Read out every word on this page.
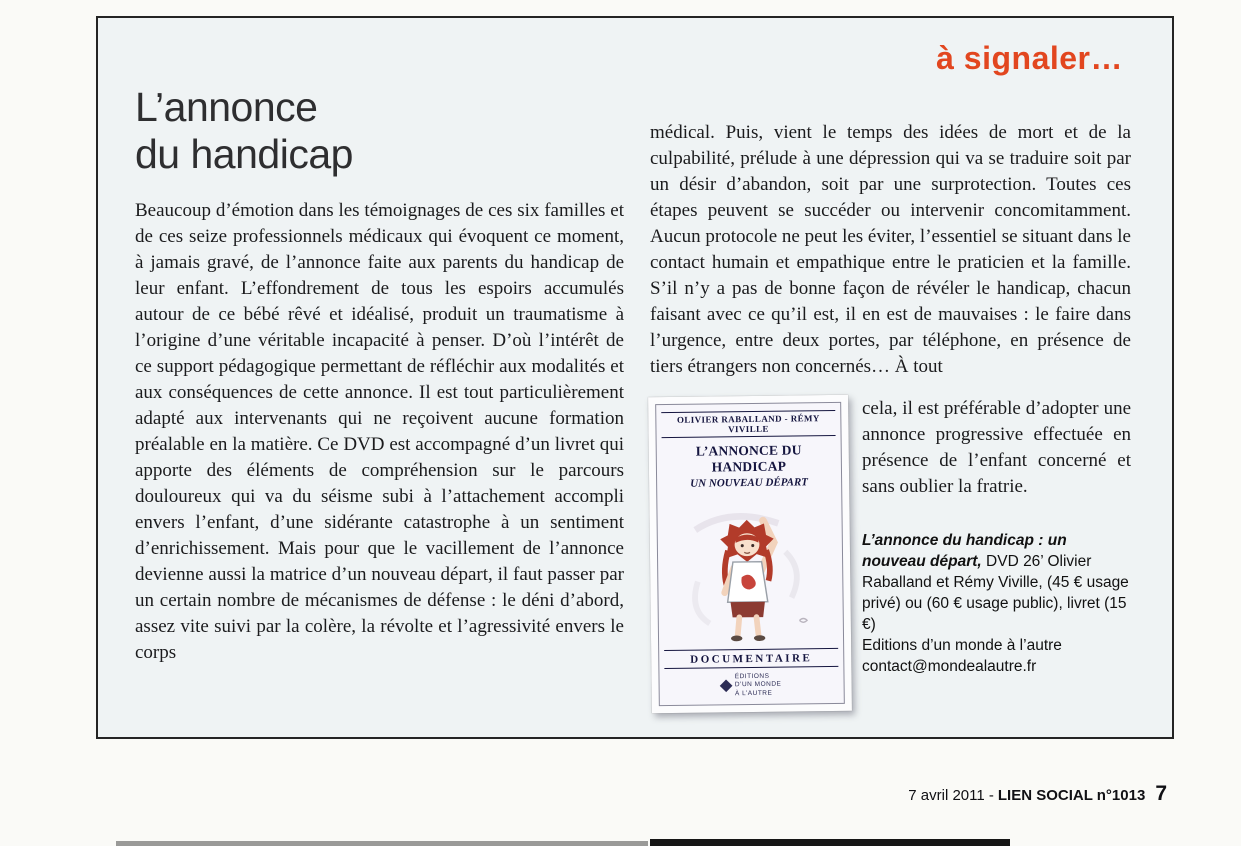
à signaler…
L’annonce
du handicap

Beaucoup d’émotion dans les témoignages de ces six familles et de ces seize professionnels médicaux qui évoquent ce moment, à jamais gravé, de l’annonce faite aux parents du handicap de leur enfant. L’effondrement de tous les espoirs accumulés autour de ce bébé rêvé et idéalisé, produit un traumatisme à l’origine d’une véritable incapacité à penser. D’où l’intérêt de ce support pédagogique permettant de réfléchir aux modalités et aux conséquences de cette annonce. Il est tout particulièrement adapté aux intervenants qui ne reçoivent aucune formation préalable en la matière. Ce DVD est accompagné d’un livret qui apporte des éléments de compréhension sur le parcours douloureux qui va du séisme subi à l’attachement accompli envers l’enfant, d’une sidérante catastrophe à un sentiment d’enrichissement. Mais pour que le vacillement de l’annonce devienne aussi la matrice d’un nouveau départ, il faut passer par un certain nombre de mécanismes de défense : le déni d’abord, assez vite suivi par la colère, la révolte et l’agressivité envers le corps

médical. Puis, vient le temps des idées de mort et de la culpabilité, prélude à une dépression qui va se traduire soit par un désir d’abandon, soit par une surprotection. Toutes ces étapes peuvent se succéder ou intervenir concomitamment. Aucun protocole ne peut les éviter, l’essentiel se situant dans le contact humain et empathique entre le praticien et la famille. S’il n’y a pas de bonne façon de révéler le handicap, chacun faisant avec ce qu’il est, il en est de mauvaises : le faire dans l’urgence, entre deux portes, par téléphone, en présence de tiers étrangers non concernés… À tout

OLIVIER RABALLAND - RÉMY VIVILLE
L’ANNONCE DU HANDICAP
UN NOUVEAU DÉPART
DOCUMENTAIRE
ÉDITIONS
D’UN MONDE
À L’AUTRE

cela, il est préférable d’adopter une annonce progressive effectuée en présence de l’enfant concerné et sans oublier la fratrie.

L’annonce du handicap : un nouveau départ, DVD 26’ Olivier Raballand et Rémy Viville, (45 € usage privé) ou (60 € usage public), livret (15 €)
Editions d’un monde à l’autre
contact@mondealautre.fr
7 avril 2011 - LIEN SOCIAL n°1013 7
